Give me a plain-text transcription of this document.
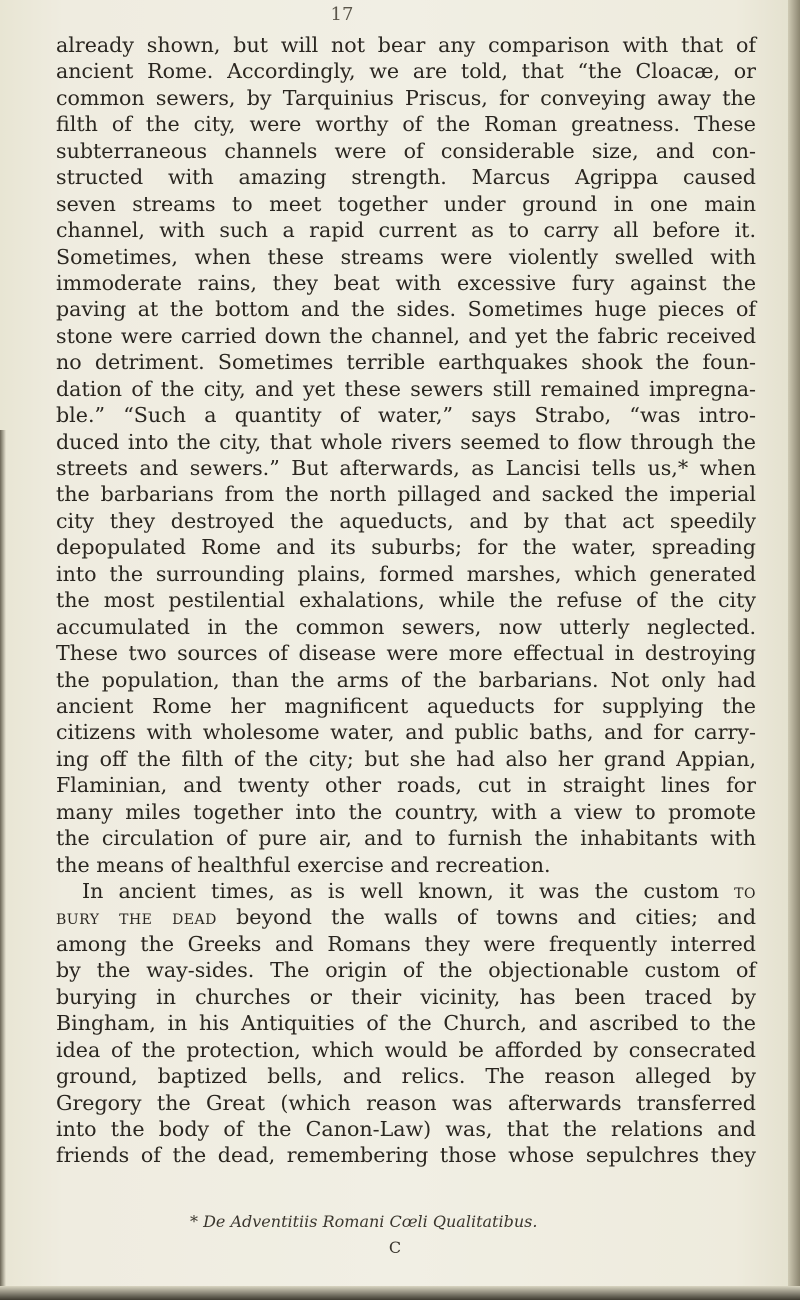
17
already shown, but will not bear any comparison with that of
ancient Rome. Accordingly, we are told, that “the Cloacæ, or
common sewers, by Tarquinius Priscus, for conveying away the
filth of the city, were worthy of the Roman greatness. These
subterraneous channels were of considerable size, and con-
structed with amazing strength. Marcus Agrippa caused
seven streams to meet together under ground in one main
channel, with such a rapid current as to carry all before it.
Sometimes, when these streams were violently swelled with
immoderate rains, they beat with excessive fury against the
paving at the bottom and the sides. Sometimes huge pieces of
stone were carried down the channel, and yet the fabric received
no detriment. Sometimes terrible earthquakes shook the foun-
dation of the city, and yet these sewers still remained impregna-
ble.” “Such a quantity of water,” says Strabo, “was intro-
duced into the city, that whole rivers seemed to flow through the
streets and sewers.” But afterwards, as Lancisi tells us,* when
the barbarians from the north pillaged and sacked the imperial
city they destroyed the aqueducts, and by that act speedily
depopulated Rome and its suburbs; for the water, spreading
into the surrounding plains, formed marshes, which generated
the most pestilential exhalations, while the refuse of the city
accumulated in the common sewers, now utterly neglected.
These two sources of disease were more effectual in destroying
the population, than the arms of the barbarians. Not only had
ancient Rome her magnificent aqueducts for supplying the
citizens with wholesome water, and public baths, and for carry-
ing off the filth of the city; but she had also her grand Appian,
Flaminian, and twenty other roads, cut in straight lines for
many miles together into the country, with a view to promote
the circulation of pure air, and to furnish the inhabitants with
the means of healthful exercise and recreation.
In ancient times, as is well known, it was the custom to
bury the dead beyond the walls of towns and cities; and
among the Greeks and Romans they were frequently interred
by the way-sides. The origin of the objectionable custom of
burying in churches or their vicinity, has been traced by
Bingham, in his Antiquities of the Church, and ascribed to the
idea of the protection, which would be afforded by consecrated
ground, baptized bells, and relics. The reason alleged by
Gregory the Great (which reason was afterwards transferred
into the body of the Canon-Law) was, that the relations and
friends of the dead, remembering those whose sepulchres they
* De Adventitiis Romani Cœli Qualitatibus.
C
